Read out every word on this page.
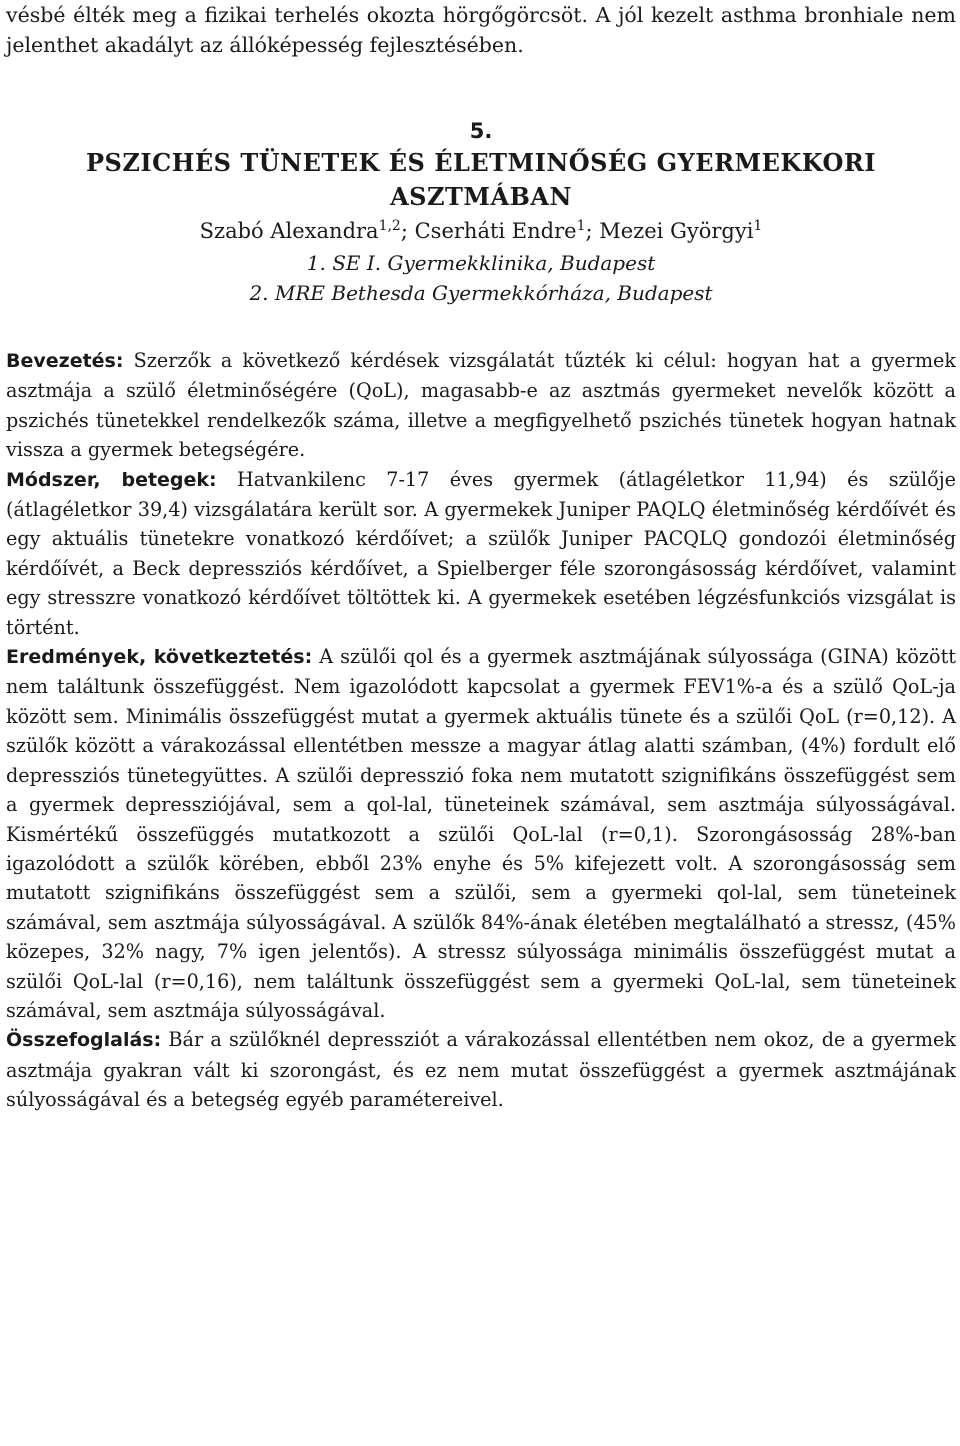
vésbé élték meg a fizikai terhelés okozta hörgőgörcsöt. A jól kezelt asthma bronhiale nem jelenthet akadályt az állóképesség fejlesztésében.

5.

PSZICHÉS TÜNETEK ÉS ÉLETMINŐSÉG GYERMEKKORI ASZTMÁBAN

Szabó Alexandra$^{1,2}$; Cserháti Endre$^1$; Mezei Györgyi$^1$

1. SE I. Gyermekklinika, Budapest

2. MRE Bethesda Gyermekkórháza, Budapest

Bevezetés: Szerzők a következő kérdések vizsgálatát tűzték ki célul: hogyan hat a gyermek asztmája a szülő életminőségére (QoL), magasabb-e az asztmás gyermeket nevelők között a pszichés tünetekkel rendelkezők száma, illetve a megfigyelhető pszichés tünetek hogyan hatnak vissza a gyermek betegségére.

Módszer, betegek: Hatvankilenc 7-17 éves gyermek (átlagéletkor 11,94) és szülője (átlagéletkor 39,4) vizsgálatára került sor. A gyermekek Juniper PAQLQ életminőség kérdőívét és egy aktuális tünetekre vonatkozó kérdőívet; a szülők Juniper PACQLQ gondozói életminőség kérdőívét, a Beck depressziós kérdőívet, a Spielberger féle szorongásosság kérdőívet, valamint egy stresszre vonatkozó kérdőívet töltöttek ki. A gyermekek esetében légzésfunkciós vizsgálat is történt.

Eredmények, következtetés: A szülői qol és a gyermek asztmájának súlyossága (GINA) között nem találtunk összefüggést. Nem igazolódott kapcsolat a gyermek FEV1%-a és a szülő QoL-ja között sem. Minimális összefüggést mutat a gyermek aktuális tünete és a szülői QoL (r=0,12). A szülők között a várakozással ellentétben messze a magyar átlag alatti számban, (4%) fordult elő depressziós tünetegyüttes. A szülői depresszió foka nem mutatott szignifikáns összefüggést sem a gyermek depressziójával, sem a qol-lal, tüneteinek számával, sem asztmája súlyosságával. Kismértékű összefüggés mutatkozott a szülői QoL-lal (r=0,1). Szorongásosság 28%-ban igazolódott a szülők körében, ebből 23% enyhe és 5% kifejezett volt. A szorongásosság sem mutatott szignifikáns összefüggést sem a szülői, sem a gyermeki qol-lal, sem tüneteinek számával, sem asztmája súlyosságával. A szülők 84%-ának életében megtalálható a stressz, (45% közepes, 32% nagy, 7% igen jelentős). A stressz súlyossága minimális összefüggést mutat a szülői QoL-lal (r=0,16), nem találtunk összefüggést sem a gyermeki QoL-lal, sem tüneteinek számával, sem asztmája súlyosságával.

Összefoglalás: Bár a szülőknél depressziót a várakozással ellentétben nem okoz, de a gyermek asztmája gyakran vált ki szorongást, és ez nem mutat összefüggést a gyermek asztmájának súlyosságával és a betegség egyéb paramétereivel.
